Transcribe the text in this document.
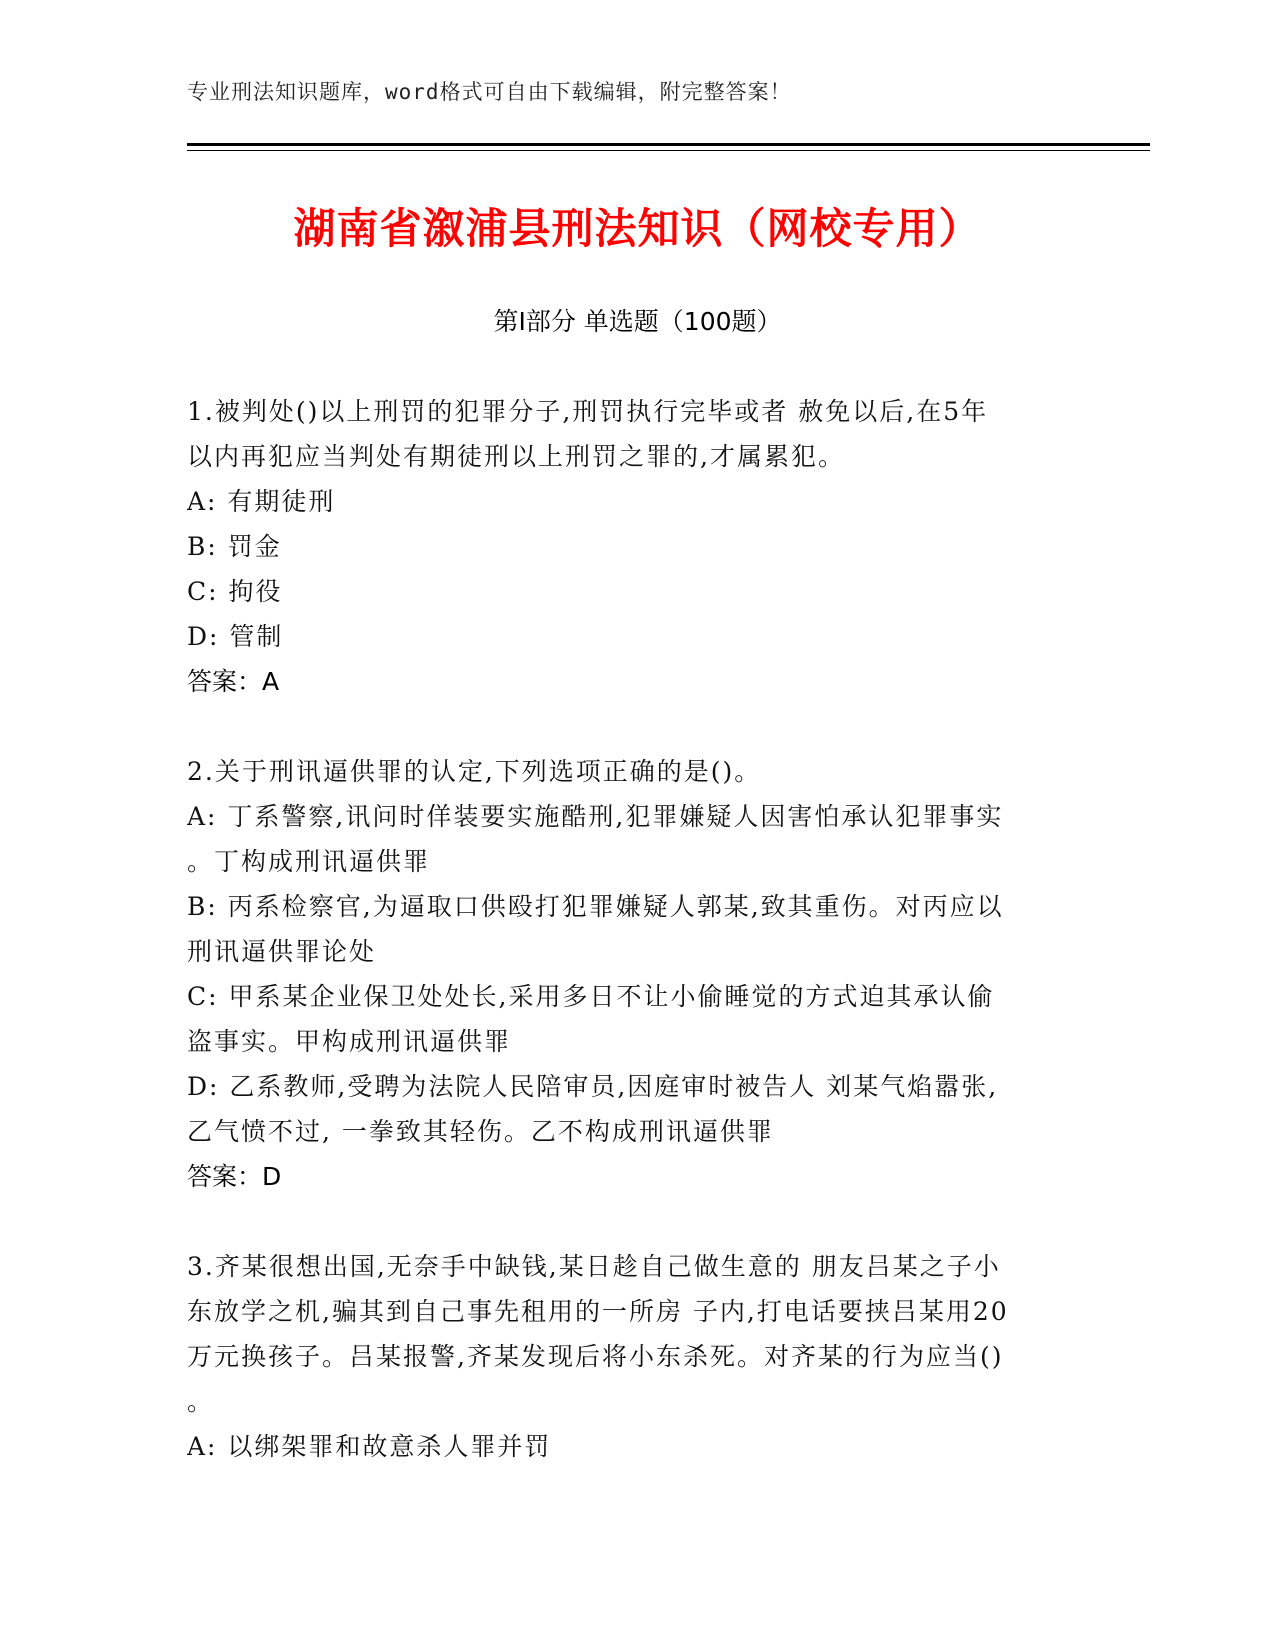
专业刑法知识题库，word格式可自由下载编辑，附完整答案！
湖南省溆浦县刑法知识（网校专用）
第Ⅰ部分 单选题（100题）
1.被判处()以上刑罚的犯罪分子,刑罚执行完毕或者 赦免以后,在5年
以内再犯应当判处有期徒刑以上刑罚之罪的,才属累犯。
A: 有期徒刑
B: 罚金
C: 拘役
D: 管制
答案：A
2.关于刑讯逼供罪的认定,下列选项正确的是()。
A: 丁系警察,讯问时佯装要实施酷刑,犯罪嫌疑人因害怕承认犯罪事实
。丁构成刑讯逼供罪
B: 丙系检察官,为逼取口供殴打犯罪嫌疑人郭某,致其重伤。对丙应以
刑讯逼供罪论处
C: 甲系某企业保卫处处长,采用多日不让小偷睡觉的方式迫其承认偷
盗事实。甲构成刑讯逼供罪
D: 乙系教师,受聘为法院人民陪审员,因庭审时被告人 刘某气焰嚣张,
乙气愤不过, 一拳致其轻伤。乙不构成刑讯逼供罪
答案：D
3.齐某很想出国,无奈手中缺钱,某日趁自己做生意的 朋友吕某之子小
东放学之机,骗其到自己事先租用的一所房 子内,打电话要挟吕某用20
万元换孩子。吕某报警,齐某发现后将小东杀死。对齐某的行为应当()
。
A: 以绑架罪和故意杀人罪并罚
